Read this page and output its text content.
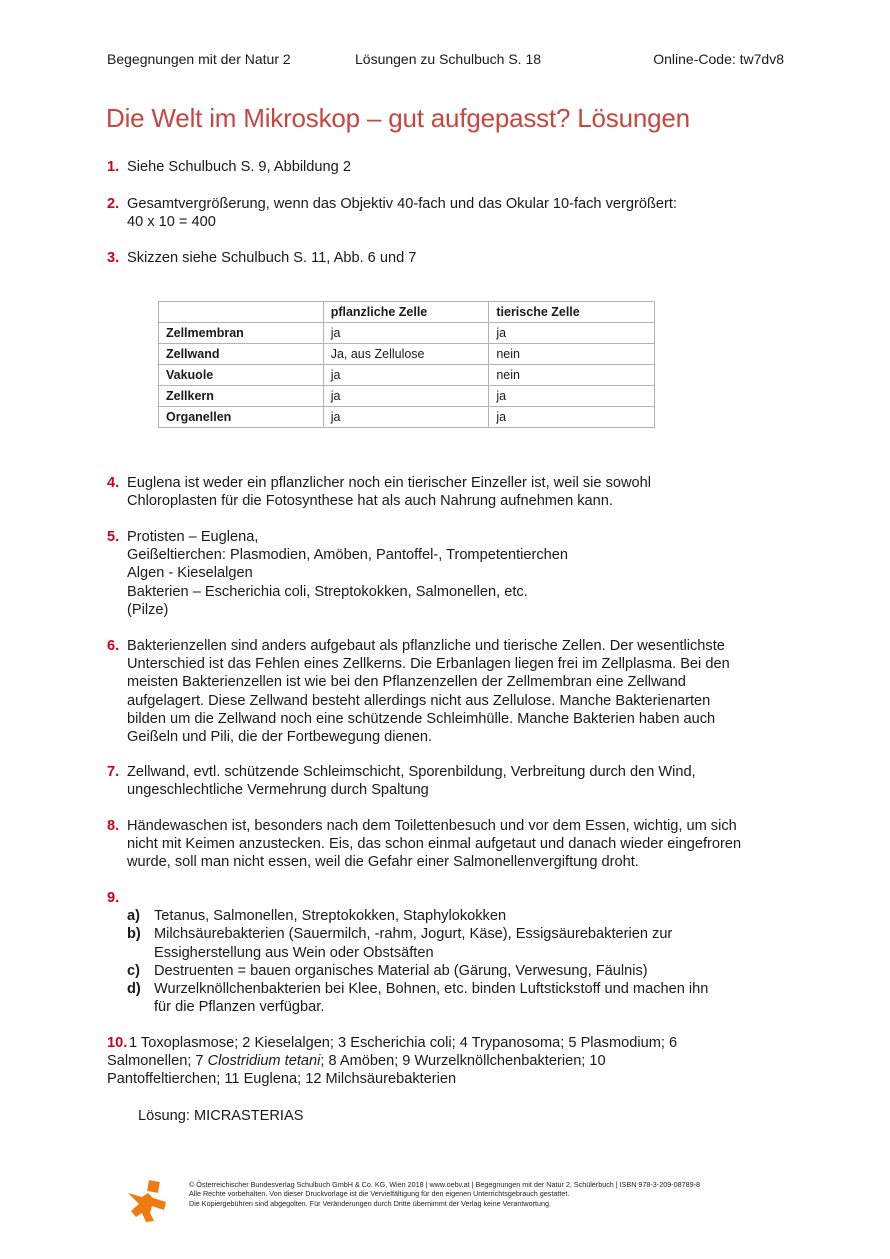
Begegnungen mit der Natur 2	Lösungen zu Schulbuch S. 18	Online-Code: tw7dv8
Die Welt im Mikroskop – gut aufgepasst? Lösungen
1. Siehe Schulbuch S. 9, Abbildung 2

2. Gesamtvergrößerung, wenn das Objektiv 40-fach und das Okular 10-fach vergrößert:

40 x 10 = 400

3. Skizzen siehe Schulbuch S. 11, Abb. 6 und 7

	pflanzliche Zelle	tierische Zelle
Zellmembran	ja	ja
Zellwand	Ja, aus Zellulose	nein
Vakuole	ja	nein
Zellkern	ja	ja
Organellen	ja	ja
4. Euglena ist weder ein pflanzlicher noch ein tierischer Einzeller ist, weil sie sowohl

Chloroplasten für die Fotosynthese hat als auch Nahrung aufnehmen kann.

5. Protisten – Euglena,

Geißeltierchen: Plasmodien, Amöben, Pantoffel-, Trompetentierchen

Algen - Kieselalgen

Bakterien – Escherichia coli, Streptokokken, Salmonellen, etc.

(Pilze)

6. Bakterienzellen sind anders aufgebaut als pflanzliche und tierische Zellen. Der wesentlichste

Unterschied ist das Fehlen eines Zellkerns. Die Erbanlagen liegen frei im Zellplasma. Bei den

meisten Bakterienzellen ist wie bei den Pflanzenzellen der Zellmembran eine Zellwand

aufgelagert. Diese Zellwand besteht allerdings nicht aus Zellulose. Manche Bakterienarten

bilden um die Zellwand noch eine schützende Schleimhülle. Manche Bakterien haben auch

Geißeln und Pili, die der Fortbewegung dienen.

7. Zellwand, evtl. schützende Schleimschicht, Sporenbildung, Verbreitung durch den Wind,

ungeschlechtliche Vermehrung durch Spaltung

8. Händewaschen ist, besonders nach dem Toilettenbesuch und vor dem Essen, wichtig, um sich

nicht mit Keimen anzustecken. Eis, das schon einmal aufgetaut und danach wieder eingefroren

wurde, soll man nicht essen, weil die Gefahr einer Salmonellenvergiftung droht.

9.
a) Tetanus, Salmonellen, Streptokokken, Staphylokokken

b) Milchsäurebakterien (Sauermilch, -rahm, Jogurt, Käse), Essigsäurebakterien zur

Essigherstellung aus Wein oder Obstsäften

c) Destruenten = bauen organisches Material ab (Gärung, Verwesung, Fäulnis)

d) Wurzelknöllchenbakterien bei Klee, Bohnen, etc. binden Luftstickstoff und machen ihn

für die Pflanzen verfügbar.

10. 1 Toxoplasmose; 2 Kieselalgen; 3 Escherichia coli; 4 Trypanosoma; 5 Plasmodium; 6

Salmonellen; 7 Clostridium tetani; 8 Amöben; 9 Wurzelknöllchenbakterien; 10

Pantoffeltierchen; 11 Euglena; 12 Milchsäurebakterien

Lösung: MICRASTERIAS

© Österreichischer Bundesverlag Schulbuch GmbH & Co. KG, Wien 2018 | www.oebv.at | Begegnungen mit der Natur 2, Schülerbuch | ISBN 978-3-209-08789-8

Alle Rechte vorbehalten. Von dieser Druckvorlage ist die Vervielfältigung für den eigenen Unterrichtsgebrauch gestattet.

Die Kopiergebühren sind abgegolten. Für Veränderungen durch Dritte übernimmt der Verlag keine Verantwortung.
